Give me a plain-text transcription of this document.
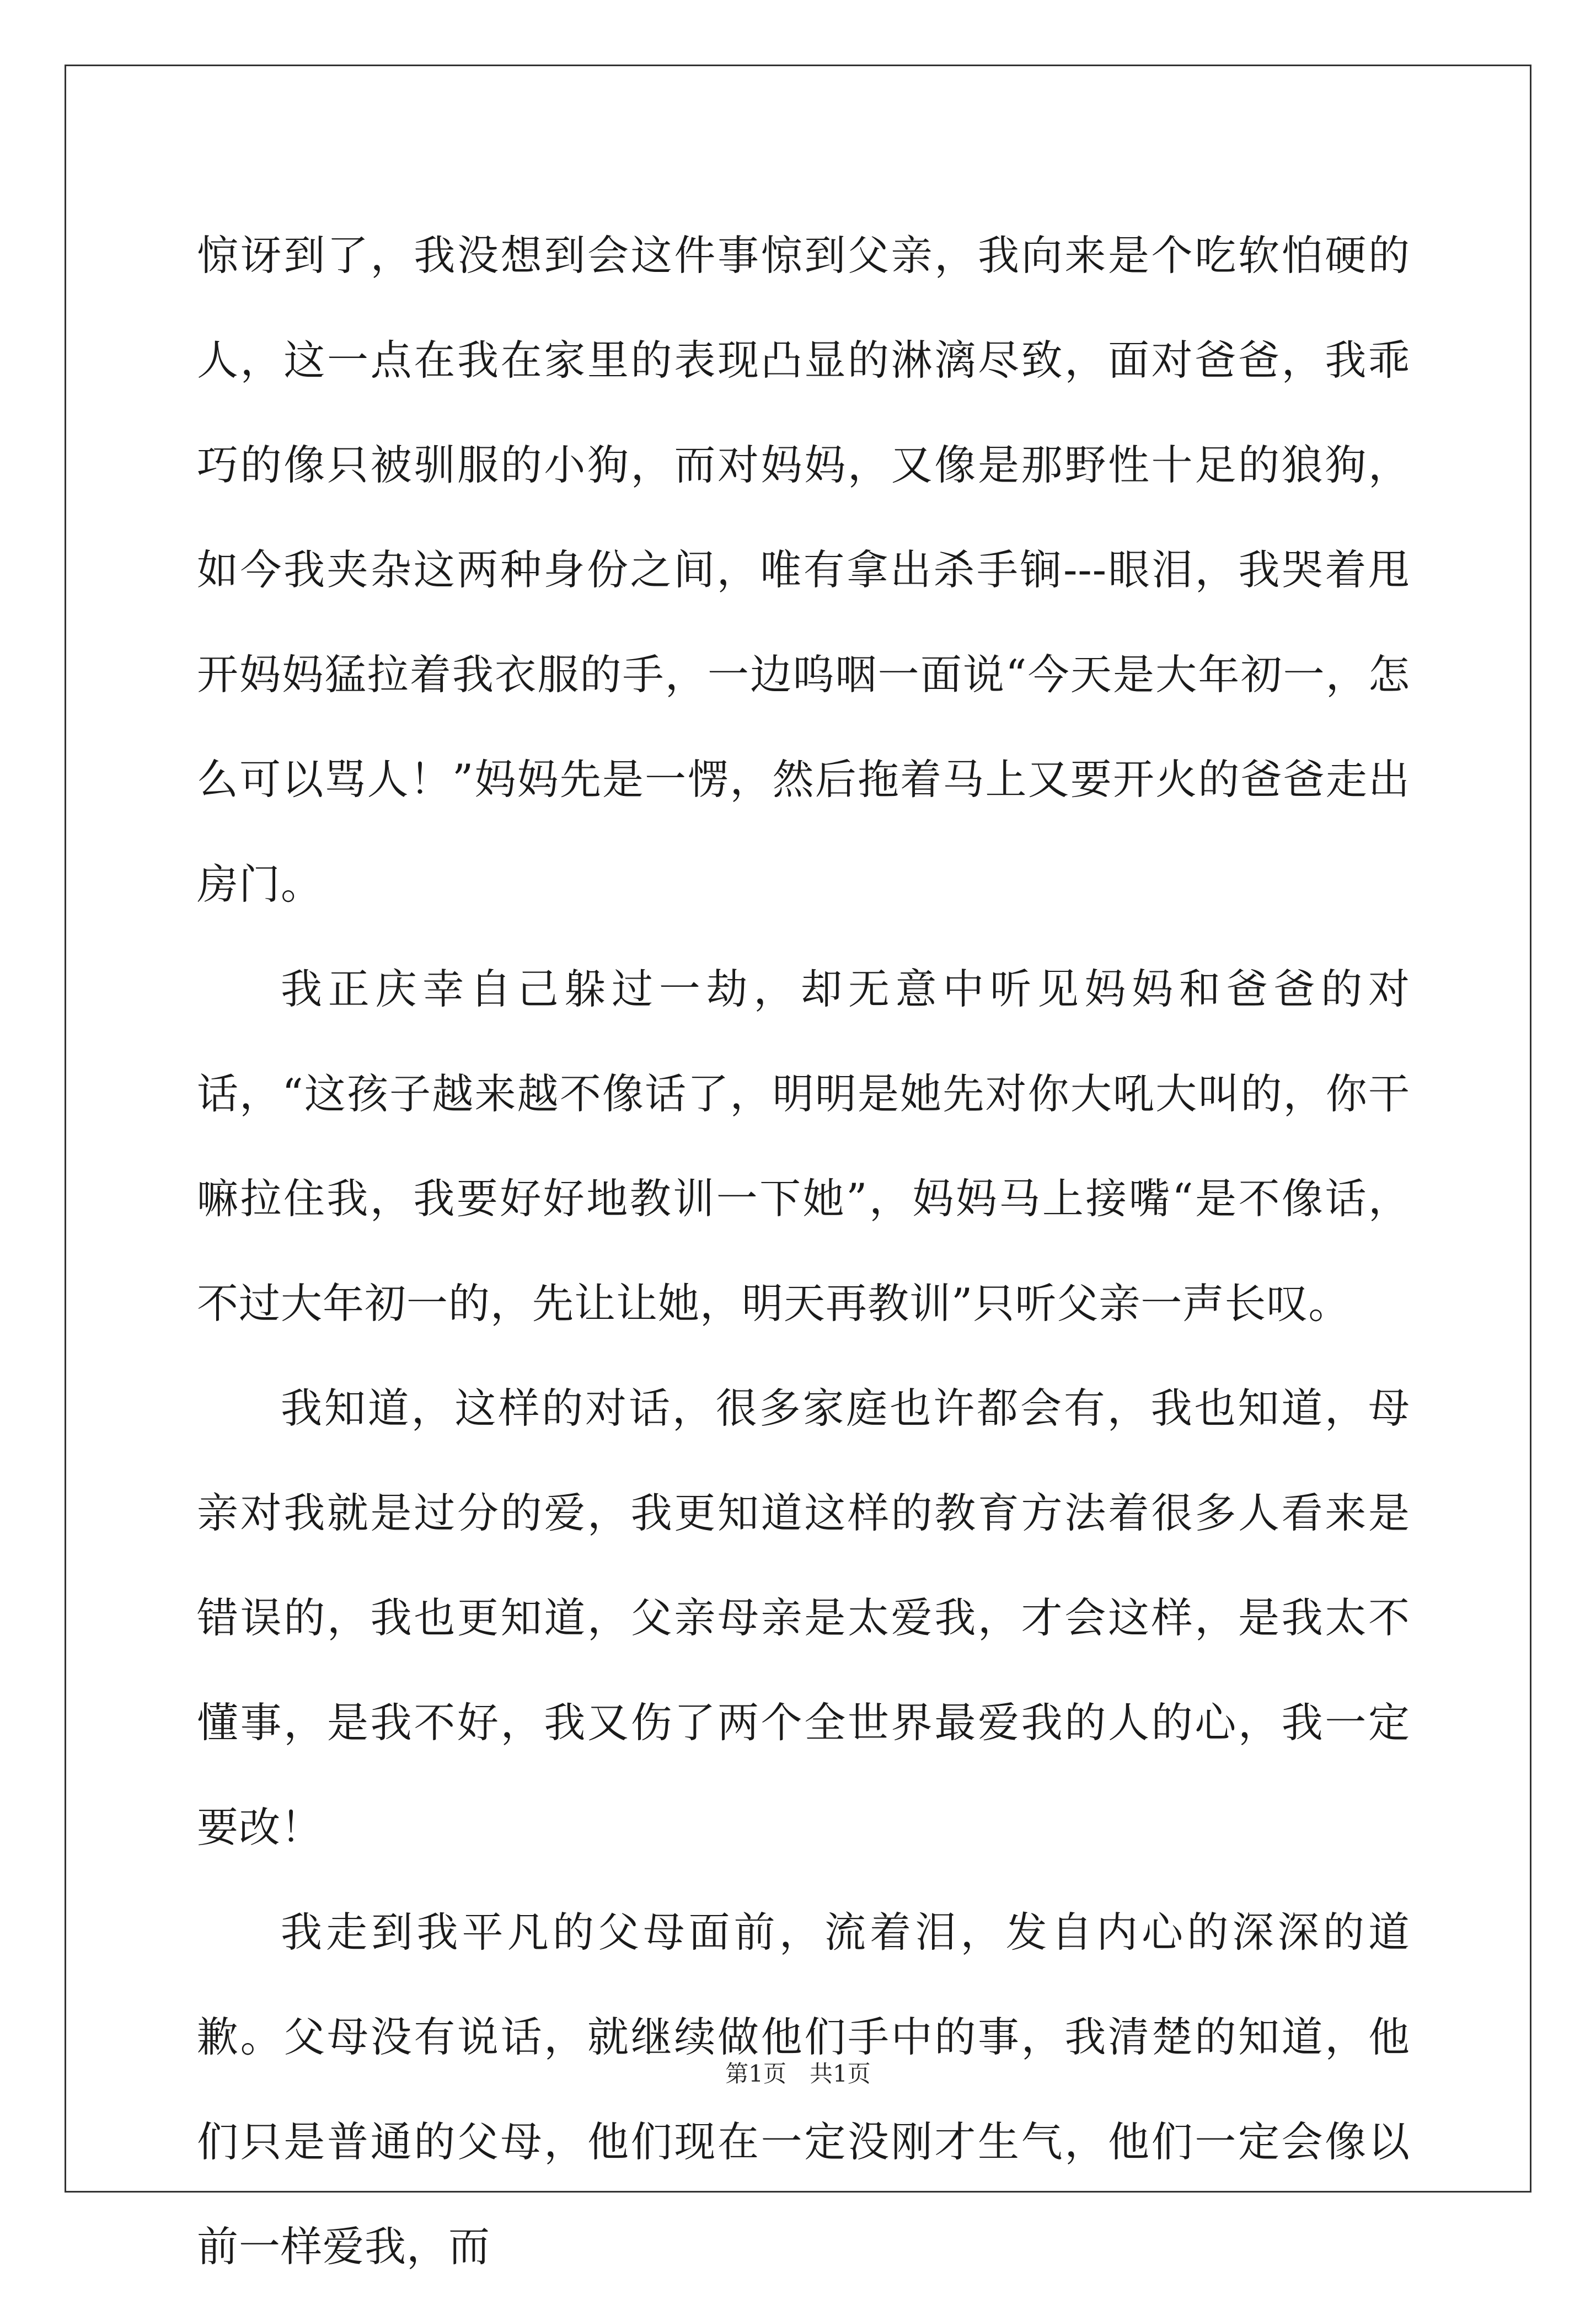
惊讶到了，我没想到会这件事惊到父亲，我向来是个吃软怕硬的人，这一点在我在家里的表现凸显的淋漓尽致，面对爸爸，我乖巧的像只被驯服的小狗，而对妈妈，又像是那野性十足的狼狗，如今我夹杂这两种身份之间，唯有拿出杀手锏---眼泪，我哭着甩开妈妈猛拉着我衣服的手，一边呜咽一面说“今天是大年初一，怎么可以骂人！”妈妈先是一愣，然后拖着马上又要开火的爸爸走出房门。

我正庆幸自己躲过一劫，却无意中听见妈妈和爸爸的对话，“这孩子越来越不像话了，明明是她先对你大吼大叫的，你干嘛拉住我，我要好好地教训一下她”，妈妈马上接嘴“是不像话，不过大年初一的，先让让她，明天再教训”只听父亲一声长叹。

我知道，这样的对话，很多家庭也许都会有，我也知道，母亲对我就是过分的爱，我更知道这样的教育方法着很多人看来是错误的，我也更知道，父亲母亲是太爱我，才会这样，是我太不懂事，是我不好，我又伤了两个全世界最爱我的人的心，我一定要改！

我走到我平凡的父母面前，流着泪，发自内心的深深的道歉。父母没有说话，就继续做他们手中的事，我清楚的知道，他们只是普通的父母，他们现在一定没刚才生气，他们一定会像以前一样爱我，而

第1页　共1页
